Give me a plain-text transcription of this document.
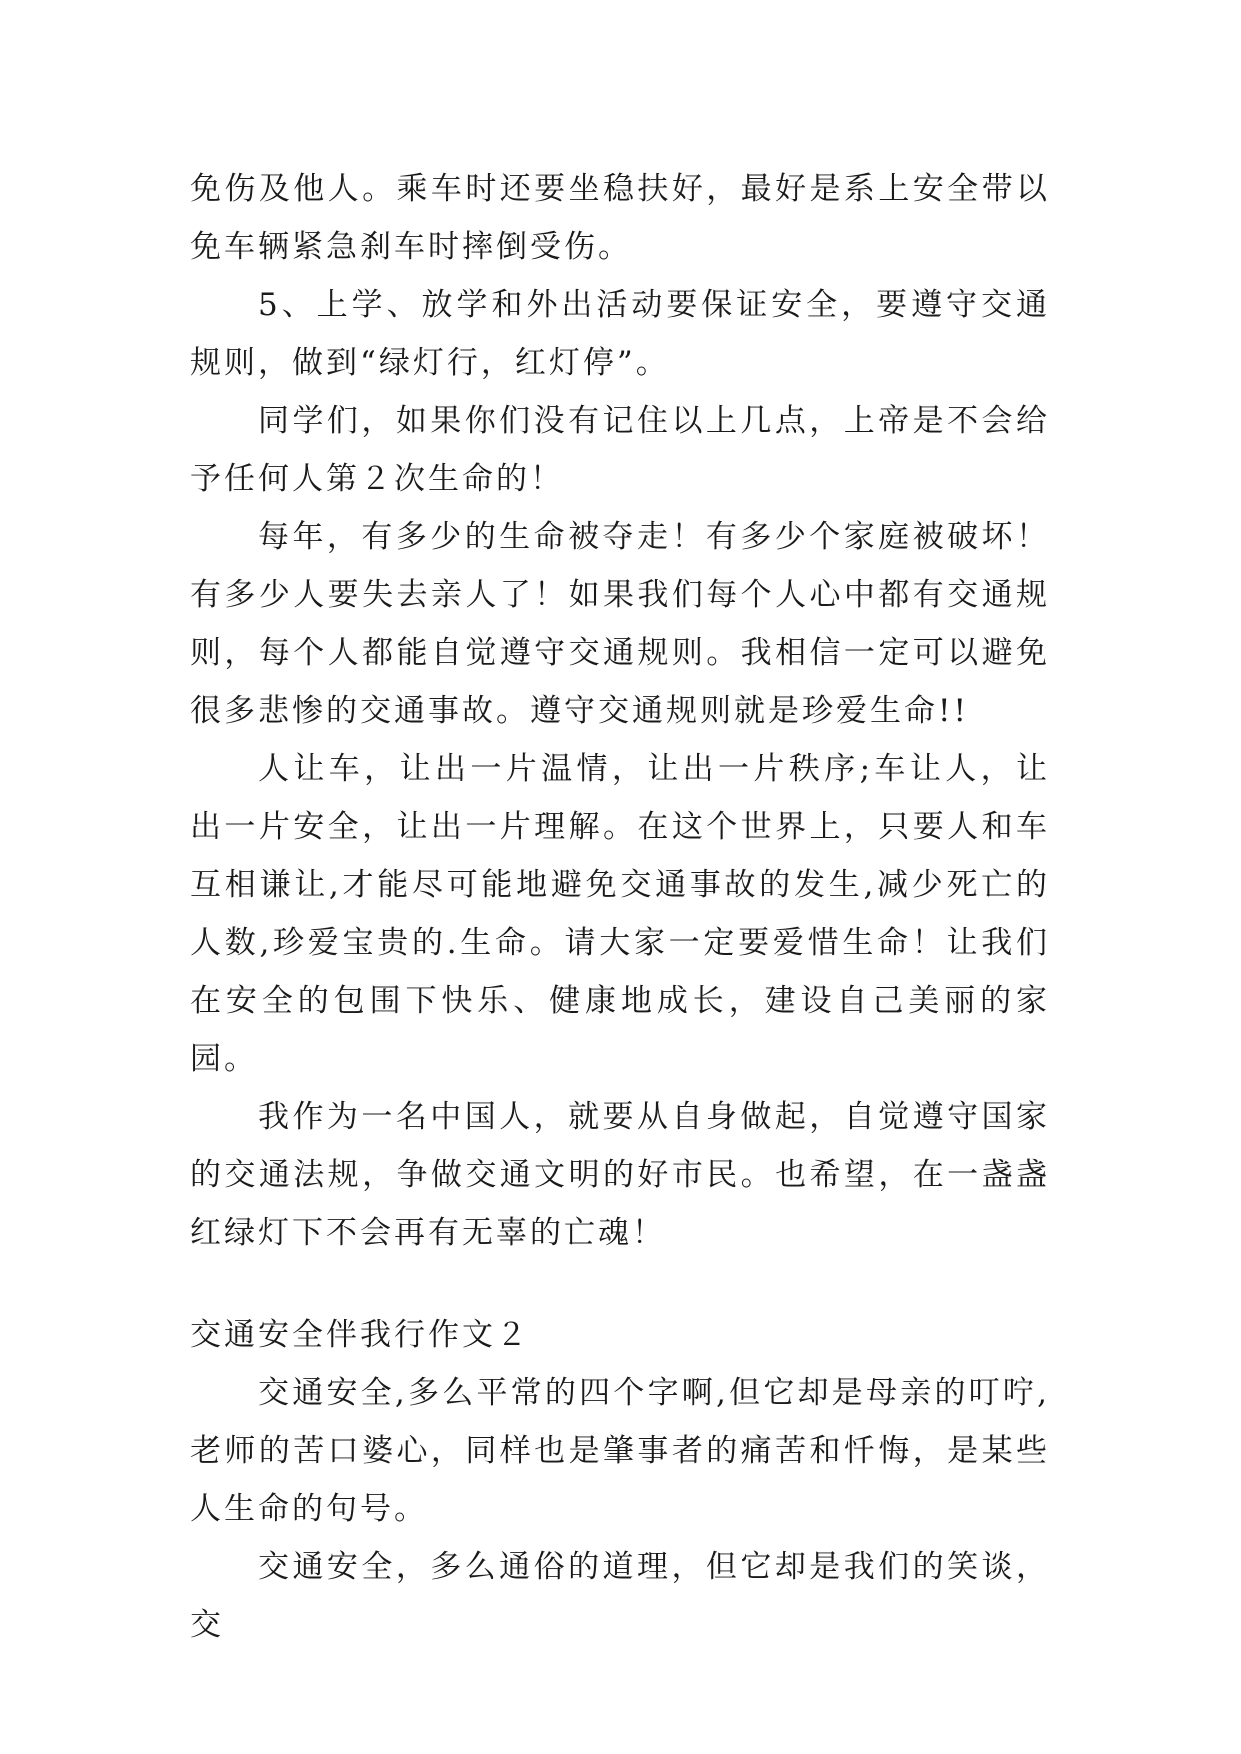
免伤及他人。乘车时还要坐稳扶好，最好是系上安全带以免车辆紧急刹车时摔倒受伤。

5、上学、放学和外出活动要保证安全，要遵守交通规则，做到“绿灯行，红灯停”。

同学们，如果你们没有记住以上几点，上帝是不会给予任何人第２次生命的！

每年，有多少的生命被夺走！有多少个家庭被破坏！有多少人要失去亲人了！如果我们每个人心中都有交通规则，每个人都能自觉遵守交通规则。我相信一定可以避免很多悲惨的交通事故。遵守交通规则就是珍爱生命!!

人让车，让出一片温情，让出一片秩序;车让人，让出一片安全，让出一片理解。在这个世界上，只要人和车互相谦让,才能尽可能地避免交通事故的发生,减少死亡的人数,珍爱宝贵的.生命。请大家一定要爱惜生命！让我们在安全的包围下快乐、健康地成长，建设自己美丽的家园。

我作为一名中国人，就要从自身做起，自觉遵守国家的交通法规，争做交通文明的好市民。也希望，在一盏盏红绿灯下不会再有无辜的亡魂！

交通安全伴我行作文２

交通安全,多么平常的四个字啊,但它却是母亲的叮咛,老师的苦口婆心，同样也是肇事者的痛苦和忏悔，是某些人生命的句号。

交通安全，多么通俗的道理，但它却是我们的笑谈，交
